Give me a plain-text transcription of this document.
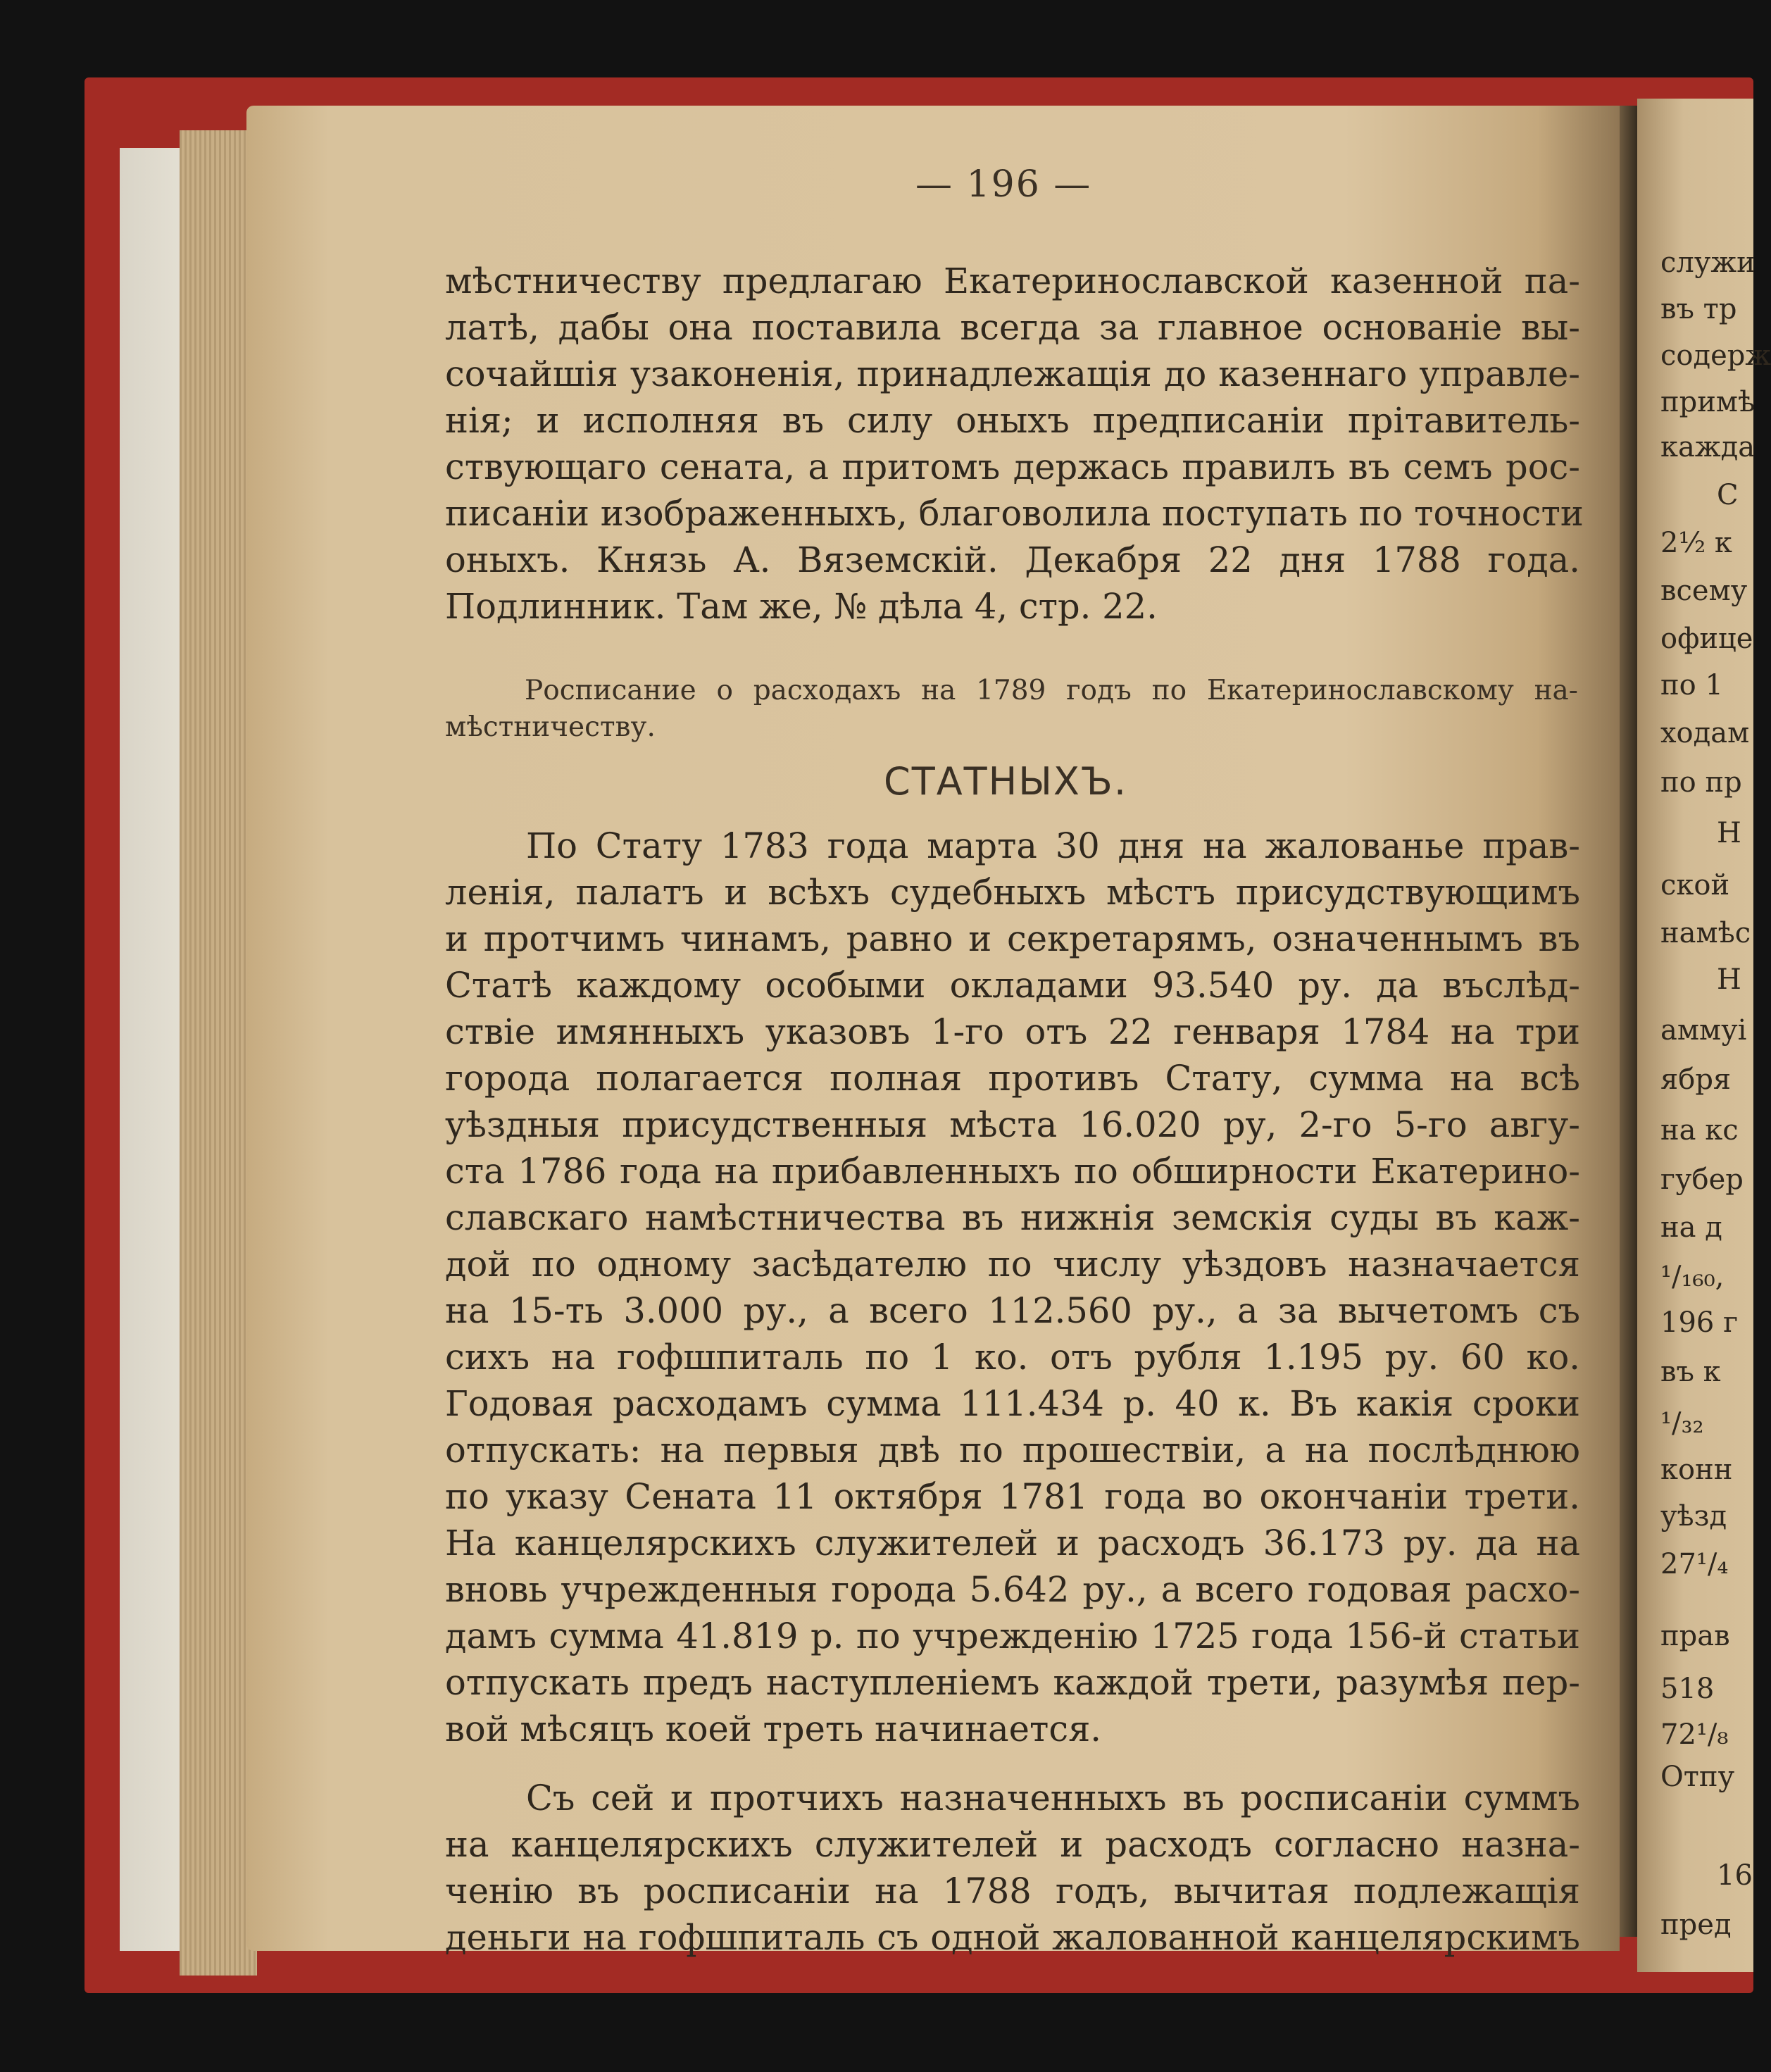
— 196 —
мѣстничеству предлагаю Екатеринославской казенной па-
латѣ, дабы она поставила всегда за главное основаніе вы-
сочайшія узаконенія, принадлежащія до казеннаго управле-
нія; и исполняя въ силу оныхъ предписаніи прітавитель-
ствующаго сената, а притомъ держась правилъ въ семъ рос-
писаніи изображенныхъ, благоволила поступать по точности
оныхъ. Князь А. Вяземскій. Декабря 22 дня 1788 года.
Подлинник. Там же, № дѣла 4, стр. 22.
Росписание о расходахъ на 1789 годъ по Екатеринославскому на-
мѣстничеству.
СТАТНЫХЪ.
По Стату 1783 года марта 30 дня на жалованье прав-
ленія, палатъ и всѣхъ судебныхъ мѣстъ присудствующимъ
и протчимъ чинамъ, равно и секретарямъ, означеннымъ въ
Статѣ каждому особыми окладами 93.540 ру. да въслѣд-
ствіе имянныхъ указовъ 1-го отъ 22 генваря 1784 на три
города полагается полная противъ Стату, сумма на всѣ
уѣздныя присудственныя мѣста 16.020 ру, 2-го 5-го авгу-
ста 1786 года на прибавленныхъ по обширности Екатерино-
славскаго намѣстничества въ нижнія земскія суды въ каж-
дой по одному засѣдателю по числу уѣздовъ назначается
на 15-ть 3.000 ру., а всего 112.560 ру., а за вычетомъ съ
сихъ на гофшпиталь по 1 ко. отъ рубля 1.195 ру. 60 ко.
Годовая расходамъ сумма 111.434 р. 40 к. Въ какія сроки
отпускать: на первыя двѣ по прошествіи, а на послѣднюю
по указу Сената 11 октября 1781 года во окончаніи трети.
На канцелярскихъ служителей и расходъ 36.173 ру. да на
вновь учрежденныя города 5.642 ру., а всего годовая расхо-
дамъ сумма 41.819 р. по учрежденію 1725 года 156-й статьи
отпускать предъ наступленіемъ каждой трети, разумѣя пер-
вой мѣсяцъ коей треть начинается.
Съ сей и протчихъ назначенныхъ въ росписаніи суммъ
на канцелярскихъ служителей и расходъ согласно назна-
ченію въ росписаніи на 1788 годъ, вычитая подлежащія
деньги на гофшпиталь съ одной жалованной канцелярскимъ
служи
въ тр
содерж
примѣ
каждa
С
2½ к
всему
офице
по 1
ходам
по пр
Н
ской
намѣс
Н
аммуі
ября
на кс
губер
на д
¹/₁₆₀,
196 г
въ к
¹/₃₂
конн
уѣзд
27¹/₄
прав
518
72¹/₈
Отпу
16
пред
